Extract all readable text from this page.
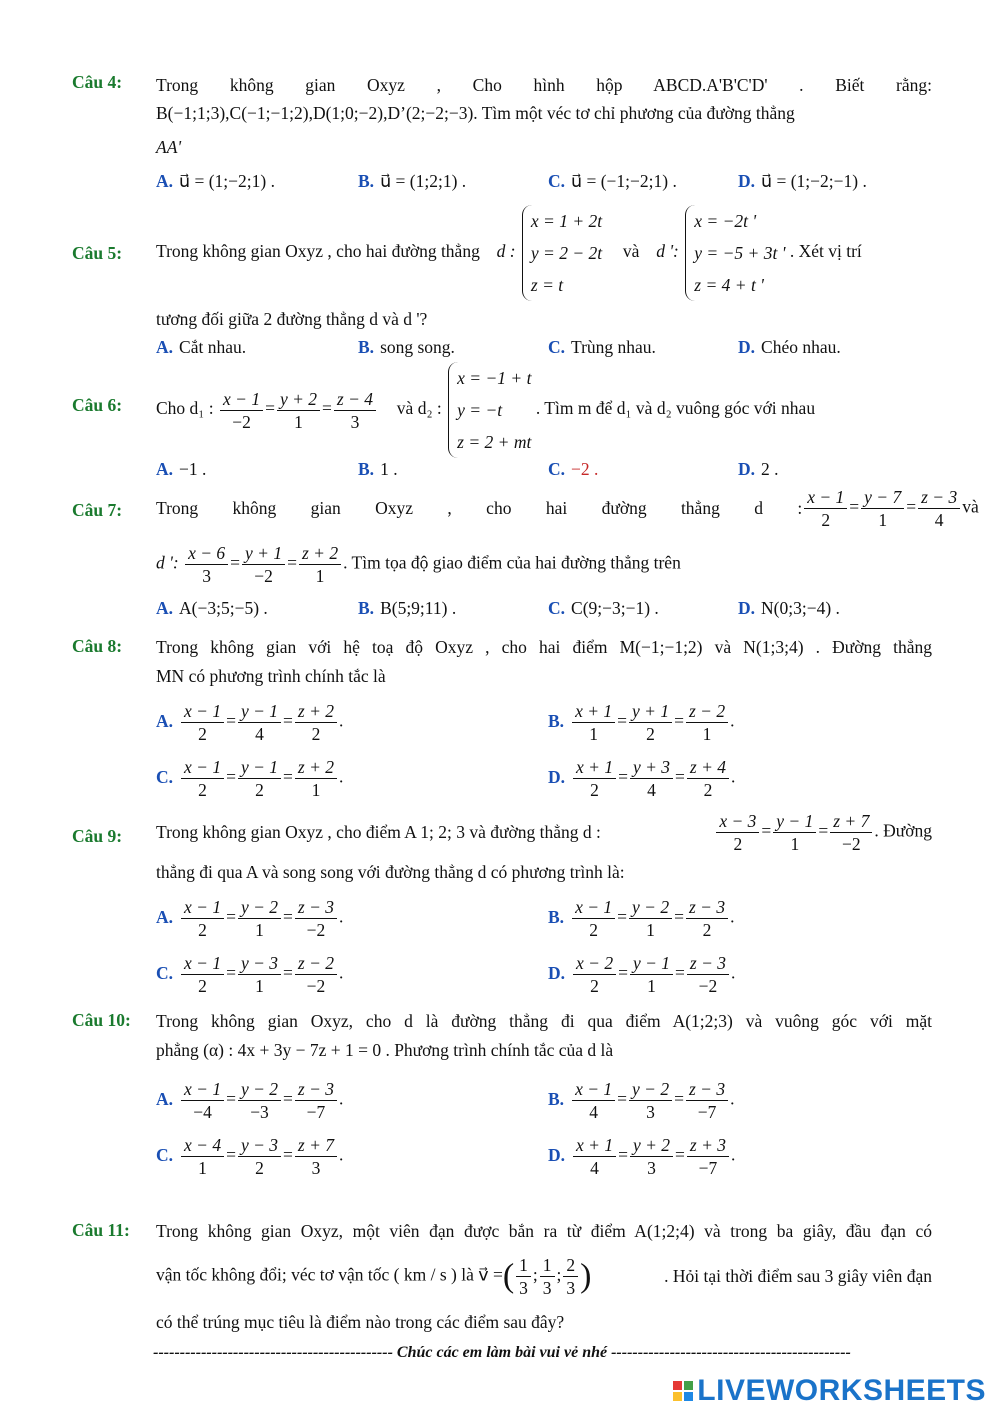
Câu 4: Trong không gian Oxyz , Cho hình hộp ABCD.A'B'C'D' . Biết rằng:
B(−1;1;3),C(−1;−1;2),D(1;0;−2),D’(2;−2;−3). Tìm một véc tơ chỉ phương của đường thẳng
AA'
A. u⃗ = (1;−2;1) .	B. u⃗ = (1;2;1) .	C. u⃗ = (−1;−2;1) .	D. u⃗ = (1;−2;−1) .
Câu 5: Trong không gian Oxyz , cho hai đường thẳng d :
x = 1 + 2t
y = 2 − 2t
z = t
và d ':
x = −2t '
y = −5 + 3t '
z = 4 + t '
. Xét vị trí
tương đối giữa 2 đường thẳng d và d '?
A. Cắt nhau.	B. song song.	C. Trùng nhau.	D. Chéo nhau.
Câu 6: Cho d₁ : $\frac{x - 1}{-2} = \frac{y + 2}{1} = \frac{z - 4}{3}$ và d₂ :
x = −1 + t
y = −t
z = 2 + mt
. Tìm m để d₁ và d₂ vuông góc với nhau
A. −1 .	B. 1 .	C. −2 .	D. 2 .
Câu 7: Trong không gian Oxyz , cho hai đường thẳng d : $\frac{x - 1}{2} = \frac{y - 7}{1} = \frac{z - 3}{4}$ và
d ': $\frac{x - 6}{3} = \frac{y + 1}{-2} = \frac{z + 2}{1}$ . Tìm tọa độ giao điểm của hai đường thẳng trên
A. A(−3;5;−5) .	B. B(5;9;11) .	C. C(9;−3;−1) .	D. N(0;3;−4) .
Câu 8: Trong không gian với hệ toạ độ Oxyz , cho hai điểm M(−1;−1;2) và N(1;3;4) . Đường thẳng
MN có phương trình chính tắc là
A. $\frac{x - 1}{2} = \frac{y - 1}{4} = \frac{z + 2}{2}$ .	B. $\frac{x + 1}{1} = \frac{y + 1}{2} = \frac{z - 2}{1}$ .
C. $\frac{x - 1}{2} = \frac{y - 1}{2} = \frac{z + 2}{1}$ .	D. $\frac{x + 1}{2} = \frac{y + 3}{4} = \frac{z + 4}{2}$ .
Câu 9: Trong không gian Oxyz , cho điểm A 1; 2; 3 và đường thẳng d :	$\frac{x - 3}{2} = \frac{y - 1}{1} = \frac{z + 7}{-2}$ . Đường
thẳng đi qua A và song song với đường thẳng d có phương trình là:
A. $\frac{x - 1}{2} = \frac{y - 2}{1} = \frac{z - 3}{-2}$ .	B. $\frac{x - 1}{2} = \frac{y - 2}{1} = \frac{z - 3}{2}$ .
C. $\frac{x - 1}{2} = \frac{y - 3}{1} = \frac{z - 2}{-2}$ .	D. $\frac{x - 2}{2} = \frac{y - 1}{1} = \frac{z - 3}{-2}$ .
Câu 10: Trong không gian Oxyz, cho d là đường thẳng đi qua điểm A(1;2;3) và vuông góc với mặt
phẳng (α) : 4x + 3y − 7z + 1 = 0 . Phương trình chính tắc của d là
A. $\frac{x - 1}{-4} = \frac{y - 2}{-3} = \frac{z - 3}{-7}$ .	B. $\frac{x - 1}{4} = \frac{y - 2}{3} = \frac{z - 3}{-7}$ .
C. $\frac{x - 4}{1} = \frac{y - 3}{2} = \frac{z + 7}{3}$ .	D. $\frac{x + 1}{4} = \frac{y + 2}{3} = \frac{z + 3}{-7}$ .
Câu 11: Trong không gian Oxyz, một viên đạn được bắn ra từ điểm A(1;2;4) và trong ba giây, đầu đạn có
vận tốc không đổi; véc tơ vận tốc ( km / s ) là v⃗ =( $\frac{1}{3}$ ; $\frac{1}{3}$ ; $\frac{2}{3}$ )	. Hỏi tại thời điểm sau 3 giây viên đạn
có thể trúng mục tiêu là điểm nào trong các điểm sau đây?
--------------------------------------------- Chúc các em làm bài vui vẻ nhé ---------------------------------------------
LIVEWORKSHEETS
